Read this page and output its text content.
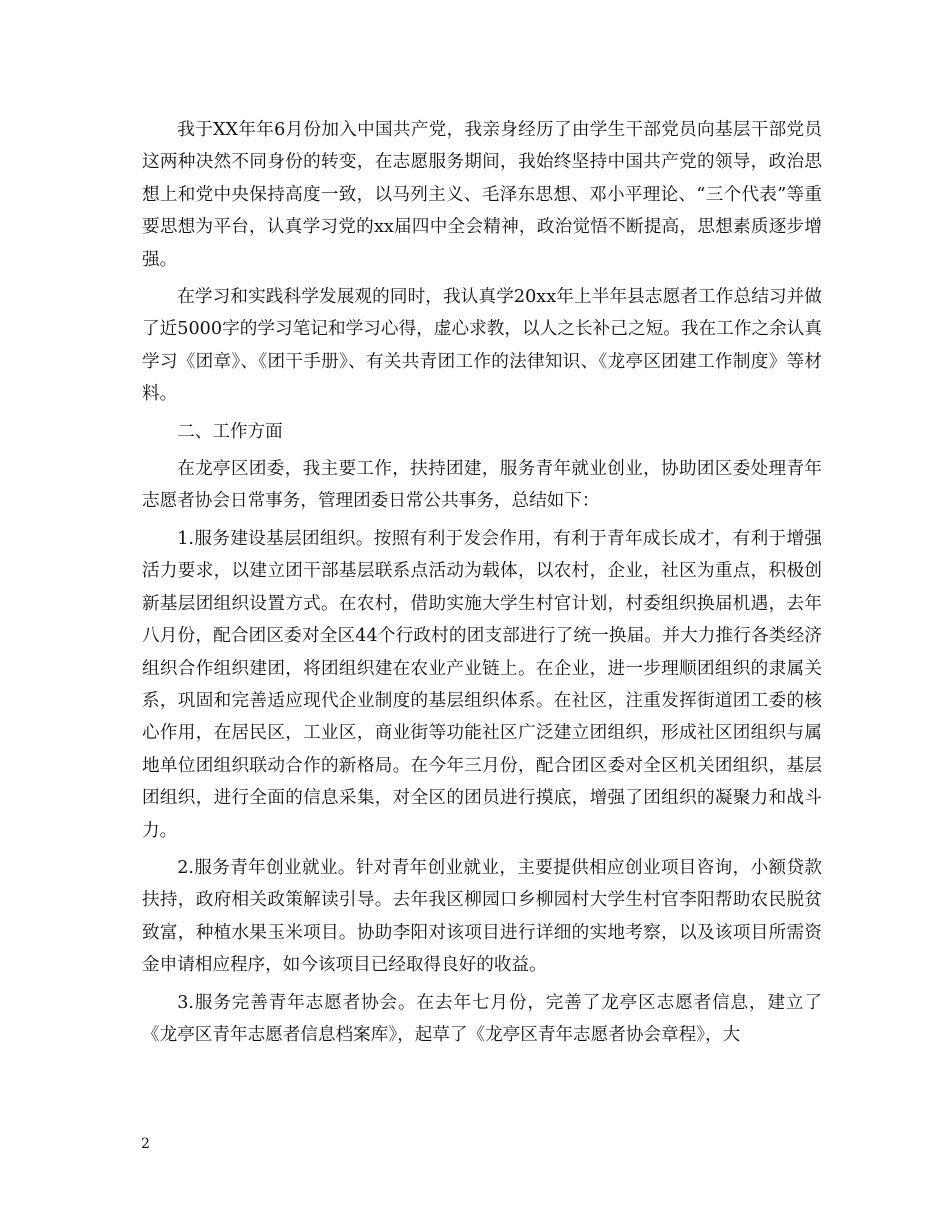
我于XX年年6月份加入中国共产党，我亲身经历了由学生干部党员向基层干部党员这两种决然不同身份的转变，在志愿服务期间，我始终坚持中国共产党的领导，政治思想上和党中央保持高度一致，以马列主义、毛泽东思想、邓小平理论、“三个代表”等重要思想为平台，认真学习党的xx届四中全会精神，政治觉悟不断提高，思想素质逐步增强。

在学习和实践科学发展观的同时，我认真学20xx年上半年县志愿者工作总结习并做了近5000字的学习笔记和学习心得，虚心求教，以人之长补己之短。我在工作之余认真学习《团章》、《团干手册》、有关共青团工作的法律知识、《龙亭区团建工作制度》等材料。

二、工作方面

在龙亭区团委，我主要工作，扶持团建，服务青年就业创业，协助团区委处理青年志愿者协会日常事务，管理团委日常公共事务，总结如下：

1.服务建设基层团组织。按照有利于发会作用，有利于青年成长成才，有利于增强活力要求，以建立团干部基层联系点活动为载体，以农村，企业，社区为重点，积极创新基层团组织设置方式。在农村，借助实施大学生村官计划，村委组织换届机遇，去年八月份，配合团区委对全区44个行政村的团支部进行了统一换届。并大力推行各类经济组织合作组织建团，将团组织建在农业产业链上。在企业，进一步理顺团组织的隶属关系，巩固和完善适应现代企业制度的基层组织体系。在社区，注重发挥街道团工委的核心作用，在居民区，工业区，商业街等功能社区广泛建立团组织，形成社区团组织与属地单位团组织联动合作的新格局。在今年三月份，配合团区委对全区机关团组织，基层团组织，进行全面的信息采集，对全区的团员进行摸底，增强了团组织的凝聚力和战斗力。

2.服务青年创业就业。针对青年创业就业，主要提供相应创业项目咨询，小额贷款扶持，政府相关政策解读引导。去年我区柳园口乡柳园村大学生村官李阳帮助农民脱贫致富，种植水果玉米项目。协助李阳对该项目进行详细的实地考察，以及该项目所需资金申请相应程序，如今该项目已经取得良好的收益。

3.服务完善青年志愿者协会。在去年七月份，完善了龙亭区志愿者信息，建立了《龙亭区青年志愿者信息档案库》，起草了《龙亭区青年志愿者协会章程》，大

2
